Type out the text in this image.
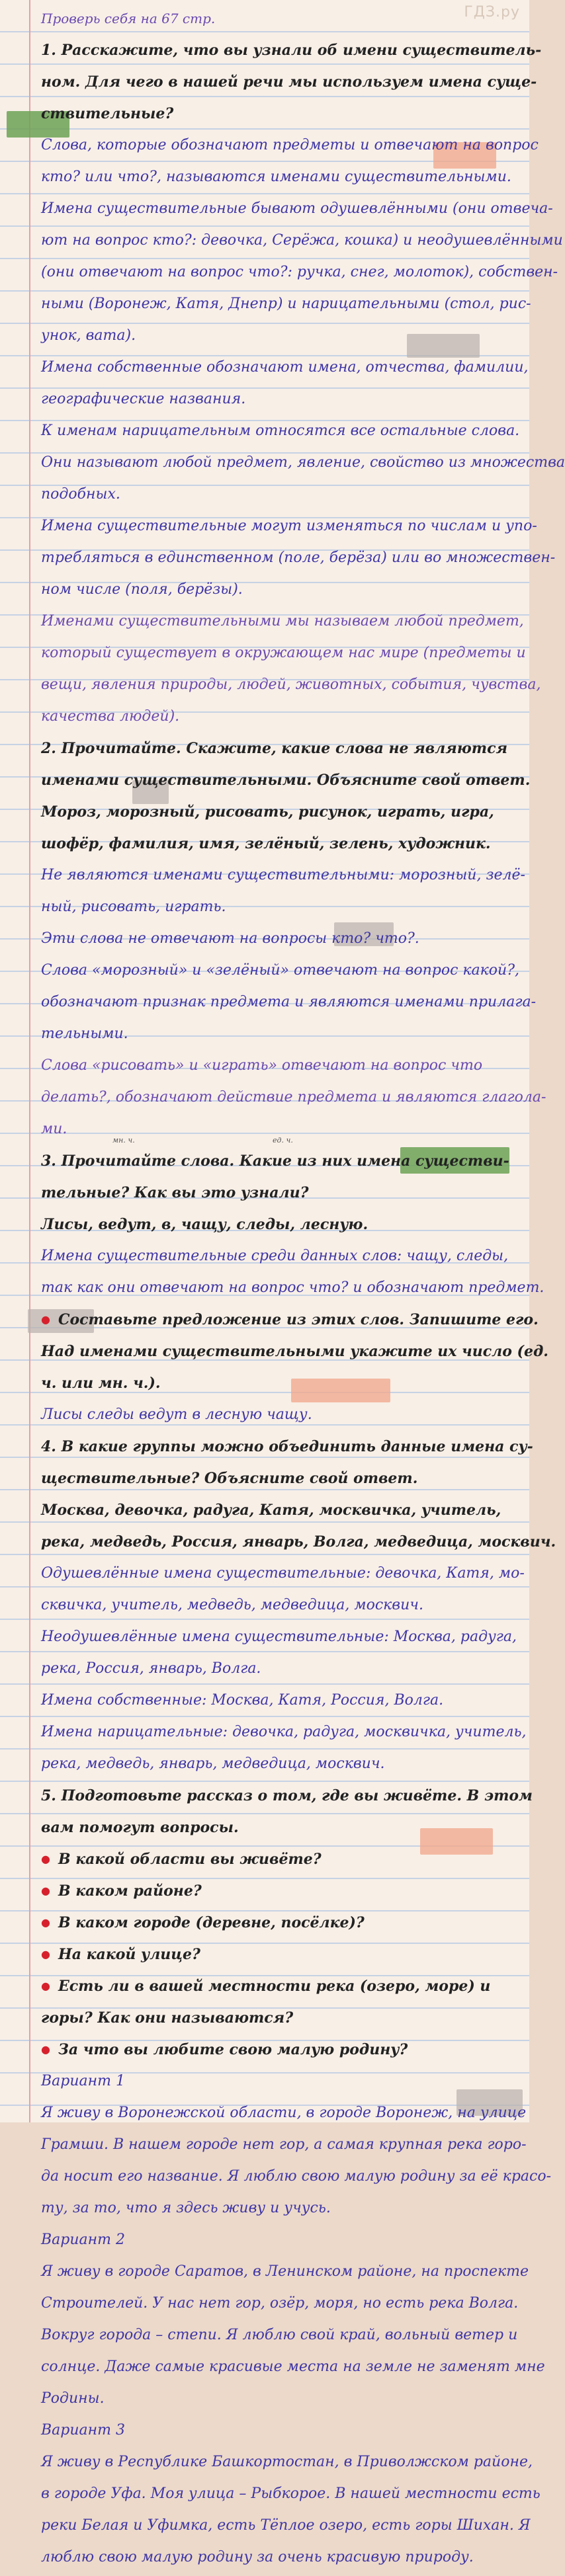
ГДЗ.ру
мн. ч.	ед. ч.
Проверь себя на 67 стр.
1. Расскажите, что вы узнали об имени существитель-
ном. Для чего в нашей речи мы используем имена суще-
ствительные?
Слова, которые обозначают предметы и отвечают на вопрос
кто? или что?, называются именами существительными.
Имена существительные бывают одушевлёнными (они отвеча-
ют на вопрос кто?: девочка, Серёжа, кошка) и неодушевлёнными
(они отвечают на вопрос что?: ручка, снег, молоток), собствен-
ными (Воронеж, Катя, Днепр) и нарицательными (стол, рис-
унок, вата).
Имена собственные обозначают имена, отчества, фамилии,
географические названия.
К именам нарицательным относятся все остальные слова.
Они называют любой предмет, явление, свойство из множества
подобных.
Имена существительные могут изменяться по числам и упо-
требляться в единственном (поле, берёза) или во множествен-
ном числе (поля, берёзы).
Именами существительными мы называем любой предмет,
который существует в окружающем нас мире (предметы и
вещи, явления природы, людей, животных, события, чувства,
качества людей).
2. Прочитайте. Скажите, какие слова не являются
именами существительными. Объясните свой ответ.
Мороз, морозный, рисовать, рисунок, играть, игра,
шофёр, фамилия, имя, зелёный, зелень, художник.
Не являются именами существительными: морозный, зелё-
ный, рисовать, играть.
Эти слова не отвечают на вопросы кто? что?.
Слова «морозный» и «зелёный» отвечают на вопрос какой?,
обозначают признак предмета и являются именами прилага-
тельными.
Слова «рисовать» и «играть» отвечают на вопрос что
делать?, обозначают действие предмета и являются глагола-
ми.
3. Прочитайте слова. Какие из них имена существи-
тельные? Как вы это узнали?
Лисы, ведут, в, чащу, следы, лесную.
Имена существительные среди данных слов: чащу, следы,
так как они отвечают на вопрос что? и обозначают предмет.
● Составьте предложение из этих слов. Запишите его.
Над именами существительными укажите их число (ед.
ч. или мн. ч.).
Лисы следы ведут в лесную чащу.
4. В какие группы можно объединить данные имена су-
ществительные? Объясните свой ответ.
Москва, девочка, радуга, Катя, москвичка, учитель,
река, медведь, Россия, январь, Волга, медведица, москвич.
Одушевлённые имена существительные: девочка, Катя, мо-
сквичка, учитель, медведь, медведица, москвич.
Неодушевлённые имена существительные: Москва, радуга,
река, Россия, январь, Волга.
Имена собственные: Москва, Катя, Россия, Волга.
Имена нарицательные: девочка, радуга, москвичка, учитель,
река, медведь, январь, медведица, москвич.
5. Подготовьте рассказ о том, где вы живёте. В этом
вам помогут вопросы.
● В какой области вы живёте?
● В каком районе?
● В каком городе (деревне, посёлке)?
● На какой улице?
● Есть ли в вашей местности река (озеро, море) и
горы? Как они называются?
● За что вы любите свою малую родину?
Вариант 1
Я живу в Воронежской области, в городе Воронеж, на улице
Грамши. В нашем городе нет гор, а самая крупная река горо-
да носит его название. Я люблю свою малую родину за её красо-
ту, за то, что я здесь живу и учусь.
Вариант 2
Я живу в городе Саратов, в Ленинском районе, на проспекте
Строителей. У нас нет гор, озёр, моря, но есть река Волга.
Вокруг города – степи. Я люблю свой край, вольный ветер и
солнце. Даже самые красивые места на земле не заменят мне
Родины.
Вариант 3
Я живу в Республике Башкортостан, в Приволжском районе,
в городе Уфа. Моя улица – Рыбкорое. В нашей местности есть
реки Белая и Уфимка, есть Тёплое озеро, есть горы Шихан. Я
люблю свою малую родину за очень красивую природу.
